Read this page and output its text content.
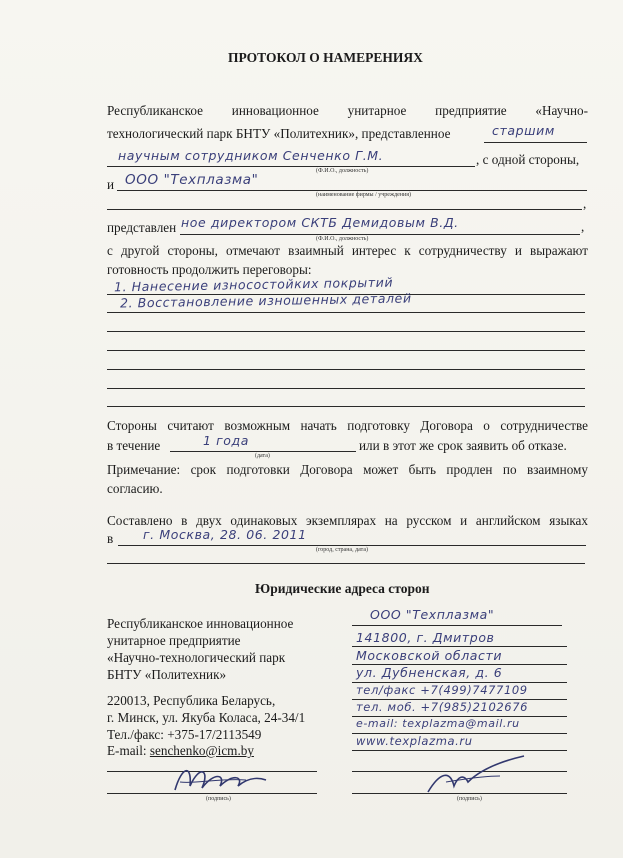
ПРОТОКОЛ О НАМЕРЕНИЯХ
Республиканское инновационное унитарное предприятие «Научно-
технологический парк БНТУ «Политехник», представленное	старшим
научным сотрудником Сенченко Г.М.	, с одной стороны,
(Ф.И.О., должность)
и ООО "Техплазма"
(наименование фирмы / учреждения)
,
представлен ное директором СКТБ Демидовым В.Д.	,
(Ф.И.О., должность)
с другой стороны, отмечают взаимный интерес к сотрудничеству и выражают
готовность продолжить переговоры:
1. Нанесение износостойких покрытий
2. Восстановление изношенных деталей
Стороны считают возможным начать подготовку Договора о сотрудничестве
в течение	1 года	или в этот же срок заявить об отказе.
(дата)
Примечание: срок подготовки Договора может быть продлен по взаимному
согласию.
Составлено в двух одинаковых экземплярах на русском и английском языках
в г. Москва, 28. 06. 2011
(город, страна, дата)
Юридические адреса сторон
Республиканское инновационное
унитарное предприятие
«Научно-технологический парк
БНТУ «Политехник»
220013, Республика Беларусь,
г. Минск, ул. Якуба Коласа, 24-34/1
Тел./факс: +375-17/2113549
E-mail: senchenko@icm.by
(подпись)
ООО "Техплазма"
141800, г. Дмитров
Московской области
ул. Дубненская, д. 6
тел/факс +7(499)7477109
тел. моб. +7(985)2102676
e-mail: texplazma@mail.ru
www.texplazma.ru
(подпись)
